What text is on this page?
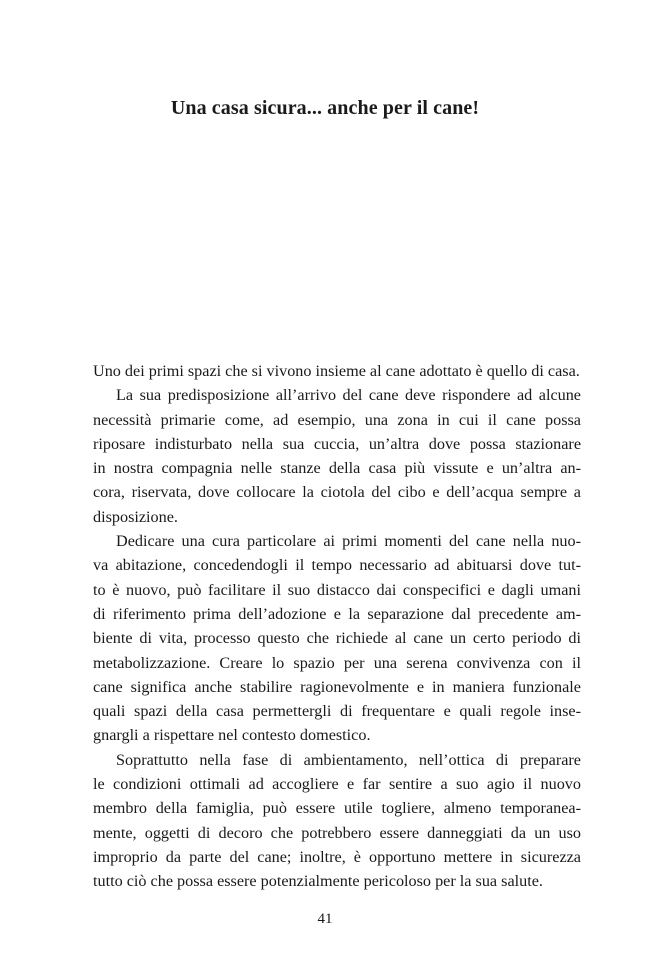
Una casa sicura... anche per il cane!
Uno dei primi spazi che si vivono insieme al cane adottato è quello di casa.
La sua predisposizione all’arrivo del cane deve rispondere ad alcune
necessità primarie come, ad esempio, una zona in cui il cane possa
riposare indisturbato nella sua cuccia, un’altra dove possa stazionare
in nostra compagnia nelle stanze della casa più vissute e un’altra an-
cora, riservata, dove collocare la ciotola del cibo e dell’acqua sempre a
disposizione.
Dedicare una cura particolare ai primi momenti del cane nella nuo-
va abitazione, concedendogli il tempo necessario ad abituarsi dove tut-
to è nuovo, può facilitare il suo distacco dai conspecifici e dagli umani
di riferimento prima dell’adozione e la separazione dal precedente am-
biente di vita, processo questo che richiede al cane un certo periodo di
metabolizzazione. Creare lo spazio per una serena convivenza con il
cane significa anche stabilire ragionevolmente e in maniera funzionale
quali spazi della casa permettergli di frequentare e quali regole inse-
gnargli a rispettare nel contesto domestico.
Soprattutto nella fase di ambientamento, nell’ottica di preparare
le condizioni ottimali ad accogliere e far sentire a suo agio il nuovo
membro della famiglia, può essere utile togliere, almeno temporanea-
mente, oggetti di decoro che potrebbero essere danneggiati da un uso
improprio da parte del cane; inoltre, è opportuno mettere in sicurezza
tutto ciò che possa essere potenzialmente pericoloso per la sua salute.
41
